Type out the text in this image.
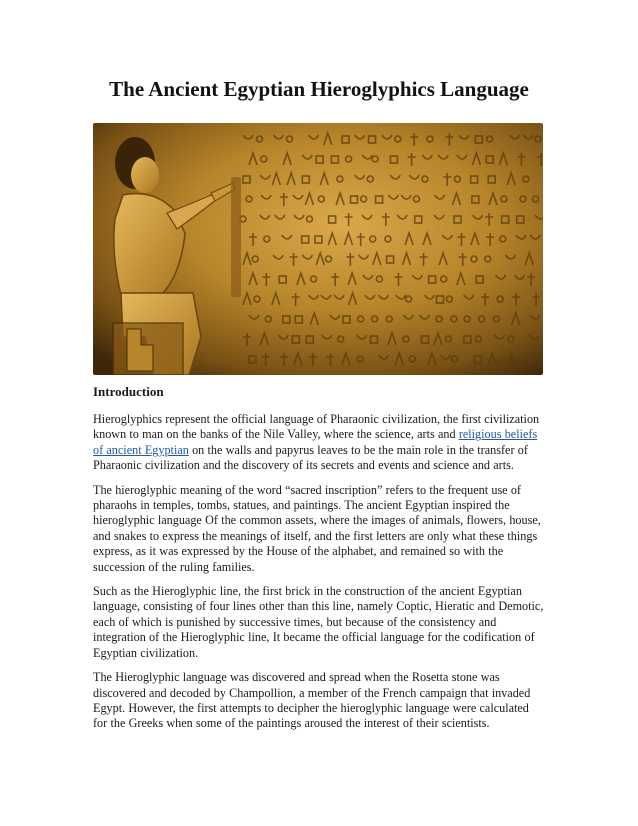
The Ancient Egyptian Hieroglyphics Language

Introduction

Hieroglyphics represent the official language of Pharaonic civilization, the first civilization known to man on the banks of the Nile Valley, where the science, arts and religious beliefs of ancient Egyptian on the walls and papyrus leaves to be the main role in the transfer of Pharaonic civilization and the discovery of its secrets and events and science and arts.

The hieroglyphic meaning of the word “sacred inscription” refers to the frequent use of pharaohs in temples, tombs, statues, and paintings. The ancient Egyptian inspired the hieroglyphic language Of the common assets, where the images of animals, flowers, house, and snakes to express the meanings of itself, and the first letters are only what these things express, as it was expressed by the House of the alphabet, and remained so with the succession of the ruling families.

Such as the Hieroglyphic line, the first brick in the construction of the ancient Egyptian language, consisting of four lines other than this line, namely Coptic, Hieratic and Demotic, each of which is punished by successive times, but because of the consistency and integration of the Hieroglyphic line, It became the official language for the codification of Egyptian civilization.

The Hieroglyphic language was discovered and spread when the Rosetta stone was discovered and decoded by Champollion, a member of the French campaign that invaded Egypt. However, the first attempts to decipher the hieroglyphic language were calculated for the Greeks when some of the paintings aroused the interest of their scientists.
